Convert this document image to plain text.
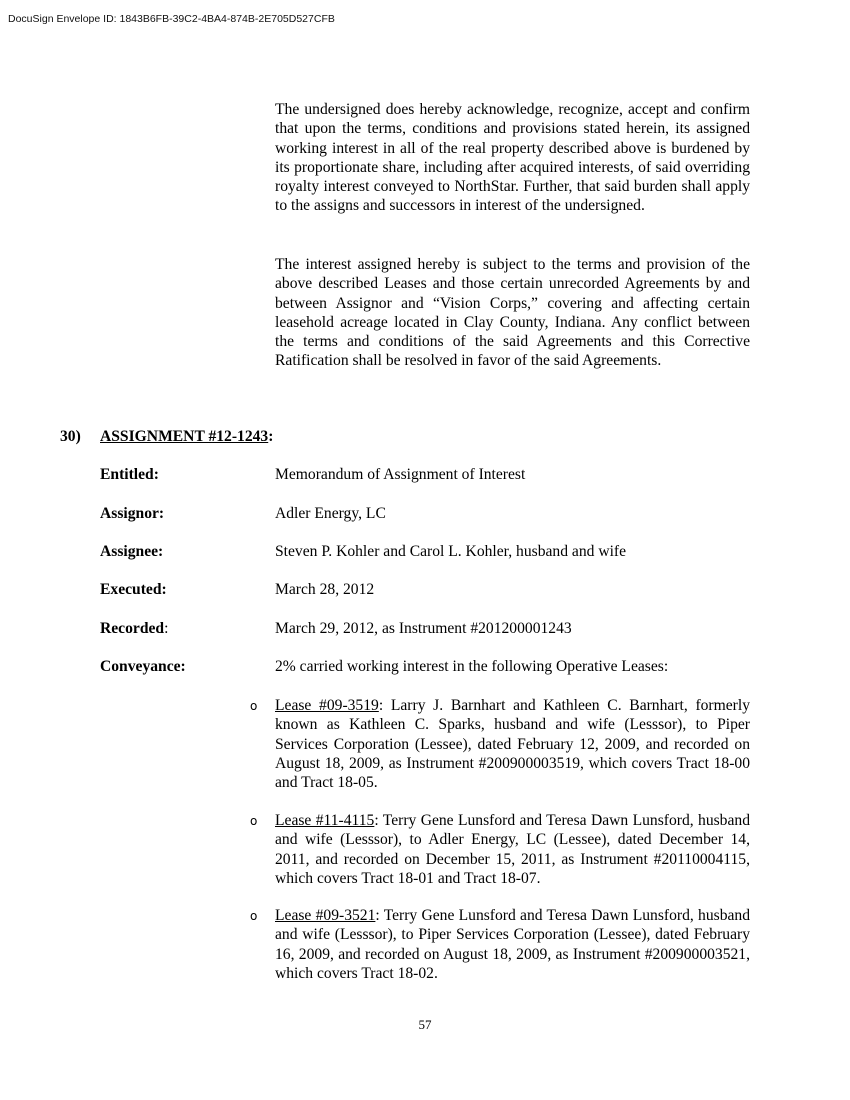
DocuSign Envelope ID: 1843B6FB-39C2-4BA4-874B-2E705D527CFB

The undersigned does hereby acknowledge, recognize, accept and confirm that upon the terms, conditions and provisions stated herein, its assigned working interest in all of the real property described above is burdened by its proportionate share, including after acquired interests, of said overriding royalty interest conveyed to NorthStar. Further, that said burden shall apply to the assigns and successors in interest of the undersigned.

The interest assigned hereby is subject to the terms and provision of the above described Leases and those certain unrecorded Agreements by and between Assignor and “Vision Corps,” covering and affecting certain leasehold acreage located in Clay County, Indiana. Any conflict between the terms and conditions of the said Agreements and this Corrective Ratification shall be resolved in favor of the said Agreements.

30) ASSIGNMENT #12-1243:
Entitled:	Memorandum of Assignment of Interest
Assignor:	Adler Energy, LC
Assignee:	Steven P. Kohler and Carol L. Kohler, husband and wife
Executed:	March 28, 2012
Recorded:	March 29, 2012, as Instrument #201200001243
Conveyance:	2% carried working interest in the following Operative Leases:
o Lease #09-3519: Larry J. Barnhart and Kathleen C. Barnhart, formerly known as Kathleen C. Sparks, husband and wife (Lesssor), to Piper Services Corporation (Lessee), dated February 12, 2009, and recorded on August 18, 2009, as Instrument #200900003519, which covers Tract 18-00 and Tract 18-05.

o Lease #11-4115: Terry Gene Lunsford and Teresa Dawn Lunsford, husband and wife (Lesssor), to Adler Energy, LC (Lessee), dated December 14, 2011, and recorded on December 15, 2011, as Instrument #20110004115, which covers Tract 18-01 and Tract 18-07.

o Lease #09-3521: Terry Gene Lunsford and Teresa Dawn Lunsford, husband and wife (Lesssor), to Piper Services Corporation (Lessee), dated February 16, 2009, and recorded on August 18, 2009, as Instrument #200900003521, which covers Tract 18-02.

57
